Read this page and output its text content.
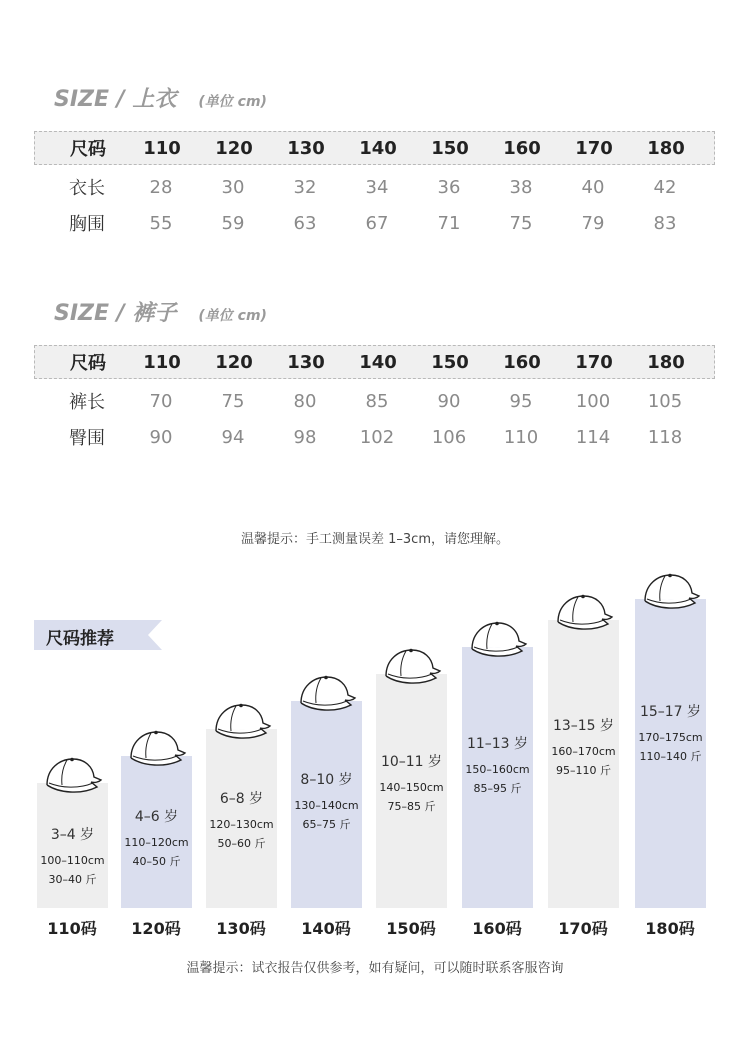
SIZE / 上衣 (单位 cm)
尺码	110	120	130	140	150	160	170	180
衣长	28	30	32	34	36	38	40	42
胸围	55	59	63	67	71	75	79	83
SIZE / 裤子 (单位 cm)
尺码	110	120	130	140	150	160	170	180
裤长	70	75	80	85	90	95	100	105
臀围	90	94	98	102	106	110	114	118
温馨提示：手工测量误差 1–3cm，请您理解。
尺码推荐
3–4 岁
100–110cm
30–40 斤
110码
4–6 岁
110–120cm
40–50 斤
120码
6–8 岁
120–130cm
50–60 斤
130码
8–10 岁
130–140cm
65–75 斤
140码
10–11 岁
140–150cm
75–85 斤
150码
11–13 岁
150–160cm
85–95 斤
160码
13–15 岁
160–170cm
95–110 斤
170码
15–17 岁
170–175cm
110–140 斤
180码
温馨提示：试衣报告仅供参考，如有疑问，可以随时联系客服咨询
